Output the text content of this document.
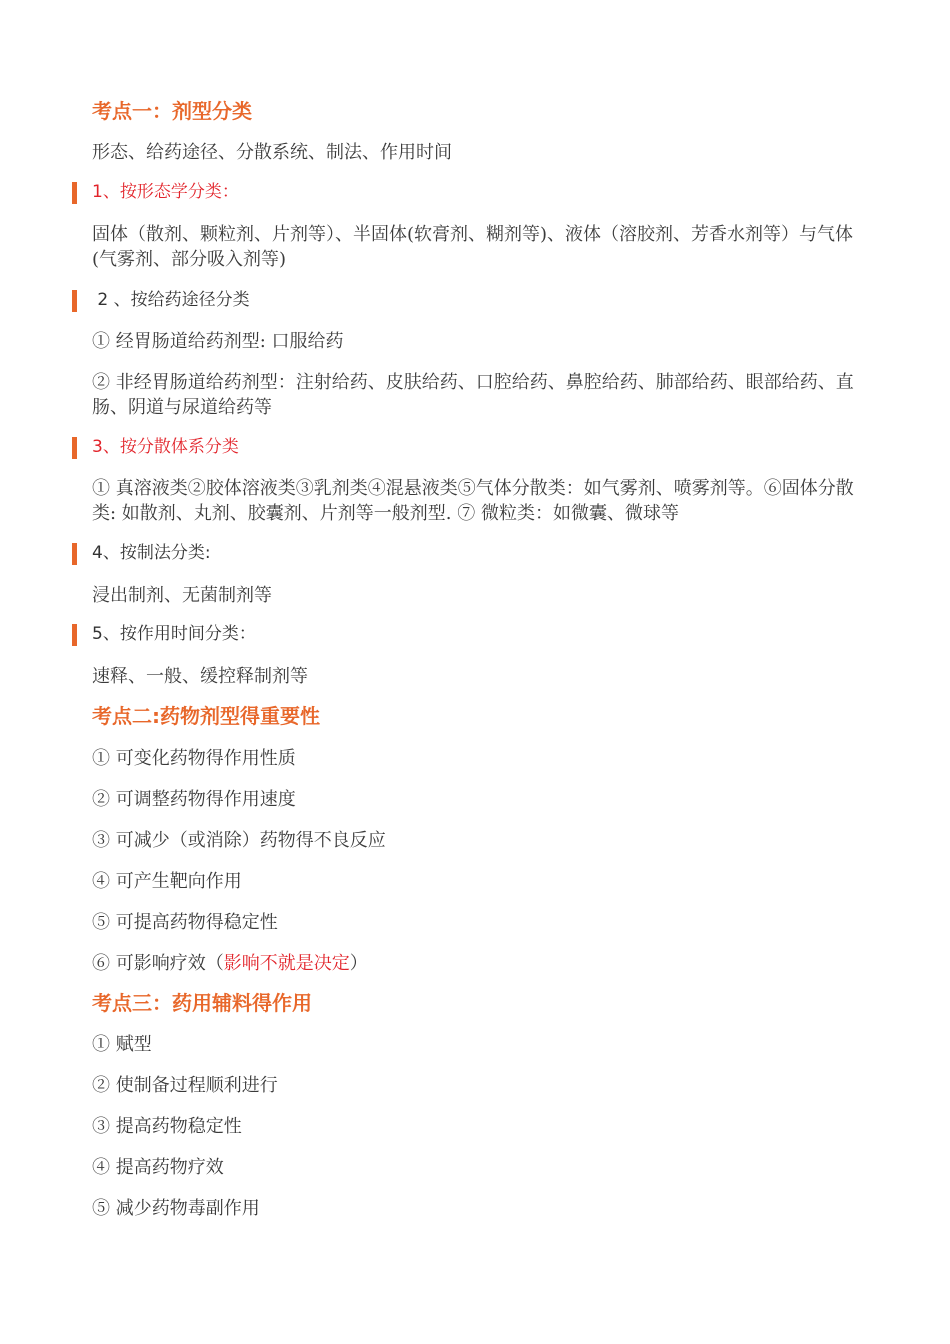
考点一：剂型分类
形态、给药途径、分散系统、制法、作用时间
1、按形态学分类：
固体（散剂、颗粒剂、片剂等）、半固体(软膏剂、糊剂等)、液体（溶胶剂、芳香水剂等）与气体(气雾剂、部分吸入剂等)
2 、按给药途径分类
① 经胃肠道给药剂型: 口服给药
② 非经胃肠道给药剂型：注射给药、皮肤给药、口腔给药、鼻腔给药、肺部给药、眼部给药、直肠、阴道与尿道给药等
3、按分散体系分类
① 真溶液类②胶体溶液类③乳剂类④混悬液类⑤气体分散类：如气雾剂、喷雾剂等。⑥固体分散类: 如散剂、丸剂、胶囊剂、片剂等一般剂型. ⑦ 微粒类：如微囊、微球等
4、按制法分类:
浸出制剂、无菌制剂等
5、按作用时间分类：
速释、一般、缓控释制剂等
考点二:药物剂型得重要性
① 可变化药物得作用性质
② 可调整药物得作用速度
③ 可减少（或消除）药物得不良反应
④ 可产生靶向作用
⑤ 可提高药物得稳定性
⑥ 可影响疗效（影响不就是决定）
考点三：药用辅料得作用
① 赋型
② 使制备过程顺利进行
③ 提高药物稳定性
④ 提高药物疗效
⑤ 减少药物毒副作用
